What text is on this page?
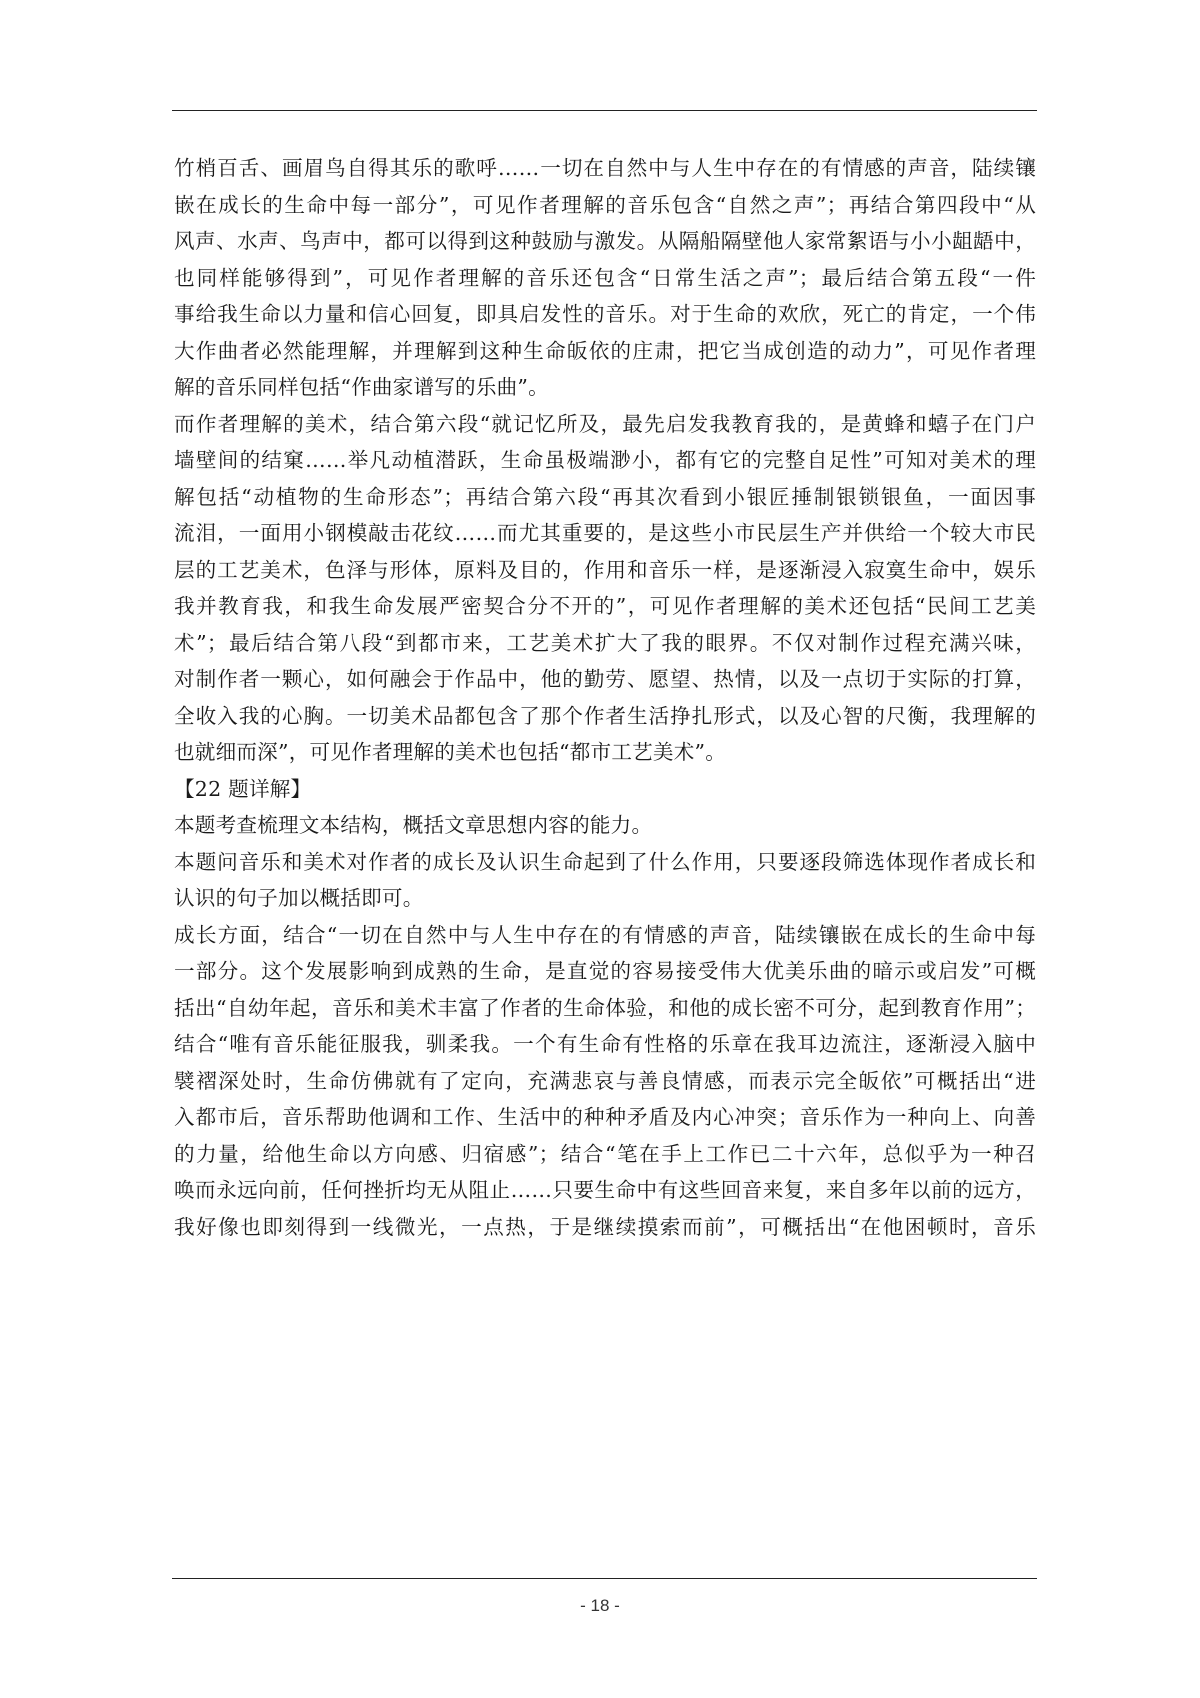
竹梢百舌、画眉鸟自得其乐的歌呼……一切在自然中与人生中存在的有情感的声音，陆续镶
嵌在成长的生命中每一部分”，可见作者理解的音乐包含“自然之声”；再结合第四段中“从
风声、水声、鸟声中，都可以得到这种鼓励与激发。从隔船隔壁他人家常絮语与小小龃龉中，
也同样能够得到”，可见作者理解的音乐还包含“日常生活之声”；最后结合第五段“一件
事给我生命以力量和信心回复，即具启发性的音乐。对于生命的欢欣，死亡的肯定，一个伟
大作曲者必然能理解，并理解到这种生命皈依的庄肃，把它当成创造的动力”，可见作者理
解的音乐同样包括“作曲家谱写的乐曲”。
而作者理解的美术，结合第六段“就记忆所及，最先启发我教育我的，是黄蜂和蟢子在门户
墙壁间的结窠……举凡动植潜跃，生命虽极端渺小，都有它的完整自足性”可知对美术的理
解包括“动植物的生命形态”；再结合第六段“再其次看到小银匠捶制银锁银鱼，一面因事
流泪，一面用小钢模敲击花纹……而尤其重要的，是这些小市民层生产并供给一个较大市民
层的工艺美术，色泽与形体，原料及目的，作用和音乐一样，是逐渐浸入寂寞生命中，娱乐
我并教育我，和我生命发展严密契合分不开的”，可见作者理解的美术还包括“民间工艺美
术”；最后结合第八段“到都市来，工艺美术扩大了我的眼界。不仅对制作过程充满兴味，
对制作者一颗心，如何融会于作品中，他的勤劳、愿望、热情，以及一点切于实际的打算，
全收入我的心胸。一切美术品都包含了那个作者生活挣扎形式，以及心智的尺衡，我理解的
也就细而深”，可见作者理解的美术也包括“都市工艺美术”。
【22 题详解】
本题考查梳理文本结构，概括文章思想内容的能力。
本题问音乐和美术对作者的成长及认识生命起到了什么作用，只要逐段筛选体现作者成长和
认识的句子加以概括即可。
成长方面，结合“一切在自然中与人生中存在的有情感的声音，陆续镶嵌在成长的生命中每
一部分。这个发展影响到成熟的生命，是直觉的容易接受伟大优美乐曲的暗示或启发”可概
括出“自幼年起，音乐和美术丰富了作者的生命体验，和他的成长密不可分，起到教育作用”；
结合“唯有音乐能征服我，驯柔我。一个有生命有性格的乐章在我耳边流注，逐渐浸入脑中
襞褶深处时，生命仿佛就有了定向，充满悲哀与善良情感，而表示完全皈依”可概括出“进
入都市后，音乐帮助他调和工作、生活中的种种矛盾及内心冲突；音乐作为一种向上、向善
的力量，给他生命以方向感、归宿感”；结合“笔在手上工作已二十六年，总似乎为一种召
唤而永远向前，任何挫折均无从阻止……只要生命中有这些回音来复，来自多年以前的远方，
我好像也即刻得到一线微光，一点热，于是继续摸索而前”，可概括出“在他困顿时，音乐
- 18 -
